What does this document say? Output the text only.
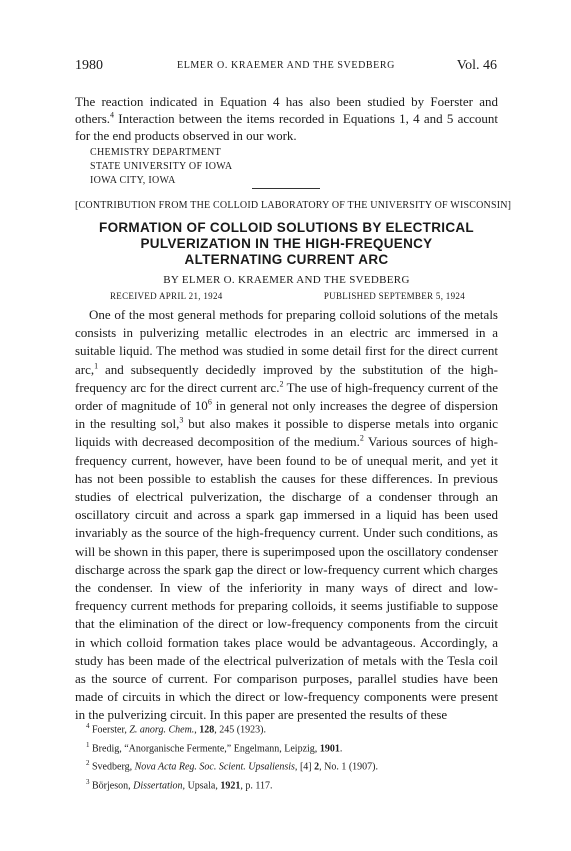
1980	ELMER O. KRAEMER AND THE SVEDBERG	Vol. 46
The reaction indicated in Equation 4 has also been studied by Foerster and others.$^4$ Interaction between the items recorded in Equations 1, 4 and 5 account for the end products observed in our work.
CHEMISTRY DEPARTMENT
STATE UNIVERSITY OF IOWA
IOWA CITY, IOWA
[CONTRIBUTION FROM THE COLLOID LABORATORY OF THE UNIVERSITY OF WISCONSIN]
FORMATION OF COLLOID SOLUTIONS BY ELECTRICAL
PULVERIZATION IN THE HIGH-FREQUENCY
ALTERNATING CURRENT ARC
BY ELMER O. KRAEMER AND THE SVEDBERG
RECEIVED APRIL 21, 1924	PUBLISHED SEPTEMBER 5, 1924
One of the most general methods for preparing colloid solutions of the metals consists in pulverizing metallic electrodes in an electric arc immersed in a suitable liquid. The method was studied in some detail first for the direct current arc,$^1$ and subsequently decidedly improved by the substitution of the high-frequency arc for the direct current arc.$^2$ The use of high-frequency current of the order of magnitude of $10^6$ in general not only increases the degree of dispersion in the resulting sol,$^3$ but also makes it possible to disperse metals into organic liquids with decreased decomposition of the medium.$^2$ Various sources of high-frequency current, however, have been found to be of unequal merit, and yet it has not been possible to establish the causes for these differences. In previous studies of electrical pulverization, the discharge of a condenser through an oscillatory circuit and across a spark gap immersed in a liquid has been used invariably as the source of the high-frequency current. Under such conditions, as will be shown in this paper, there is superimposed upon the oscillatory condenser discharge across the spark gap the direct or low-frequency current which charges the condenser. In view of the inferiority in many ways of direct and low-frequency current methods for preparing colloids, it seems justifiable to suppose that the elimination of the direct or low-frequency components from the circuit in which colloid formation takes place would be advantageous. Accordingly, a study has been made of the electrical pulverization of metals with the Tesla coil as the source of current. For comparison purposes, parallel studies have been made of circuits in which the direct or low-frequency components were present in the pulverizing circuit. In this paper are presented the results of these
$^4$ Foerster, Z. anorg. Chem., 128, 245 (1923).
$^1$ Bredig, “Anorganische Fermente,” Engelmann, Leipzig, 1901.
$^2$ Svedberg, Nova Acta Reg. Soc. Scient. Upsaliensis, [4] 2, No. 1 (1907).
$^3$ Börjeson, Dissertation, Upsala, 1921, p. 117.
